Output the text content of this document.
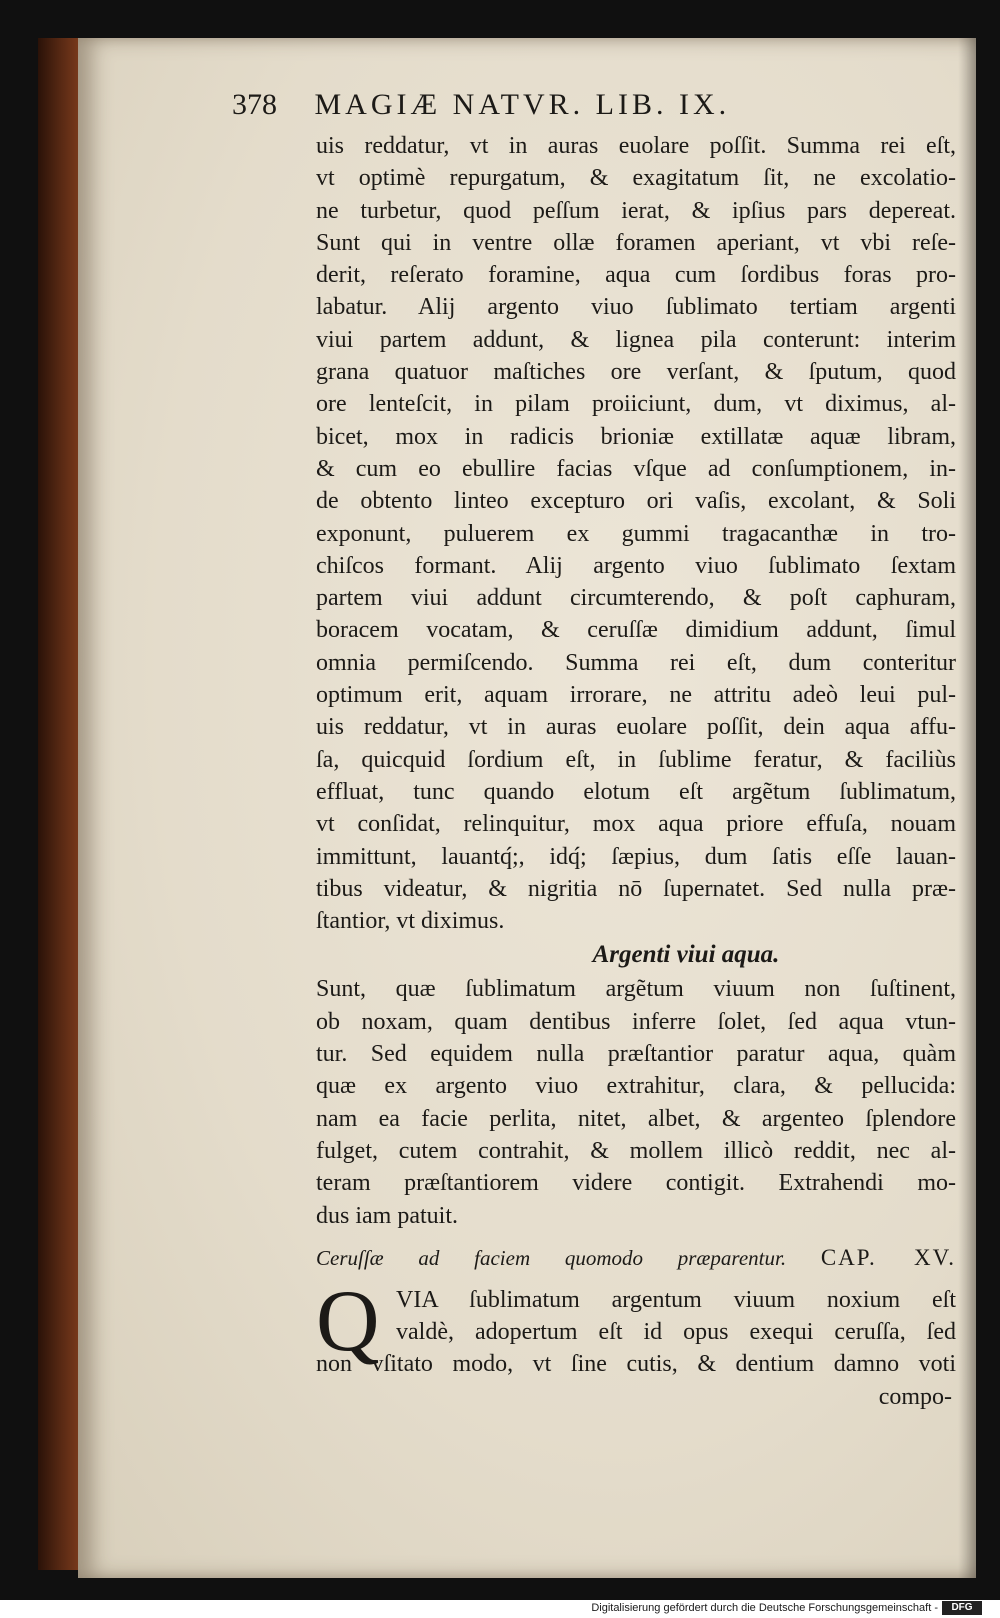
378 MAGIÆ NATVR. LIB. IX.
uis reddatur, vt in auras euolare poſſit. Summa rei eſt,
vt optimè repurgatum, & exagitatum ſit, ne excolatio-
ne turbetur, quod peſſum ierat, & ipſius pars depereat.
Sunt qui in ventre ollæ foramen aperiant, vt vbi reſe-
derit, reſerato foramine, aqua cum ſordibus foras pro-
labatur. Alij argento viuo ſublimato tertiam argenti
viui partem addunt, & lignea pila conterunt: interim
grana quatuor maſtiches ore verſant, & ſputum, quod
ore lenteſcit, in pilam proiiciunt, dum, vt diximus, al-
bicet, mox in radicis brioniæ extillatæ aquæ libram,
& cum eo ebullire facias vſque ad conſumptionem, in-
de obtento linteo excepturo ori vaſis, excolant, & Soli
exponunt, puluerem ex gummi tragacanthæ in tro-
chiſcos formant. Alij argento viuo ſublimato ſextam
partem viui addunt circumterendo, & poſt caphuram,
boracem vocatam, & ceruſſæ dimidium addunt, ſimul
omnia permiſcendo. Summa rei eſt, dum conteritur
optimum erit, aquam irrorare, ne attritu adeò leui pul-
uis reddatur, vt in auras euolare poſſit, dein aqua affu-
ſa, quicquid ſordium eſt, in ſublime feratur, & faciliùs
effluat, tunc quando elotum eſt argẽtum ſublimatum,
vt conſidat, relinquitur, mox aqua priore effuſa, nouam
immittunt, lauantq́;, idq́; ſæpius, dum ſatis eſſe lauan-
tibus videatur, & nigritia nō ſupernatet. Sed nulla præ-
ſtantior, vt diximus.
Argenti viui aqua.
Sunt, quæ ſublimatum argẽtum viuum non ſuſtinent,
ob noxam, quam dentibus inferre ſolet, ſed aqua vtun-
tur. Sed equidem nulla præſtantior paratur aqua, quàm
quæ ex argento viuo extrahitur, clara, & pellucida:
nam ea facie perlita, nitet, albet, & argenteo ſplendore
fulget, cutem contrahit, & mollem illicò reddit, nec al-
teram præſtantiorem videre contigit. Extrahendi mo-
dus iam patuit.
Ceruſſæ ad faciem quomodo præparentur. CAP. XV.
Q VIA ſublimatum argentum viuum noxium eſt
valdè, adopertum eſt id opus exequi ceruſſa, ſed
non vſitato modo, vt ſine cutis, & dentium damno voti
compo-
Digitalisierung gefördert durch die Deutsche Forschungsgemeinschaft -	DFG
